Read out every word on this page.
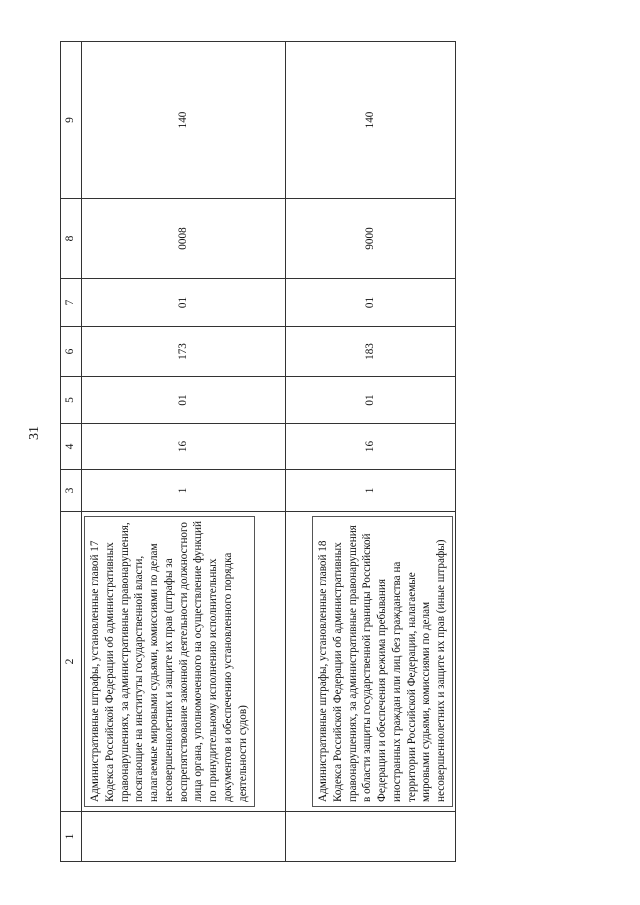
31
1	2	3	4	5	6	7	8	9

	Административные штрафы, установленные главой 17 Кодекса Российской Федерации об административных правонарушениях, за административные правонарушения, посягающие на институты государственной власти, налагаемые мировыми судьями, комиссиями по делам несовершеннолетних и защите их прав (штрафы за воспрепятствование законной деятельности должностного лица органа, уполномоченного на осуществление функций по принудительному исполнению исполнительных документов и обеспечению установленного порядка деятельности судов)	1	16	01	173	01	0008	140

	Административные штрафы, установленные главой 18 Кодекса Российской Федерации об административных правонарушениях, за административные правонарушения в области защиты государственной границы Российской Федерации и обеспечения режима пребывания иностранных граждан или лиц без гражданства на территории Российской Федерации, налагаемые мировыми судьями, комиссиями по делам несовершеннолетних и защите их прав (иные штрафы)	1	16	01	183	01	9000	140
